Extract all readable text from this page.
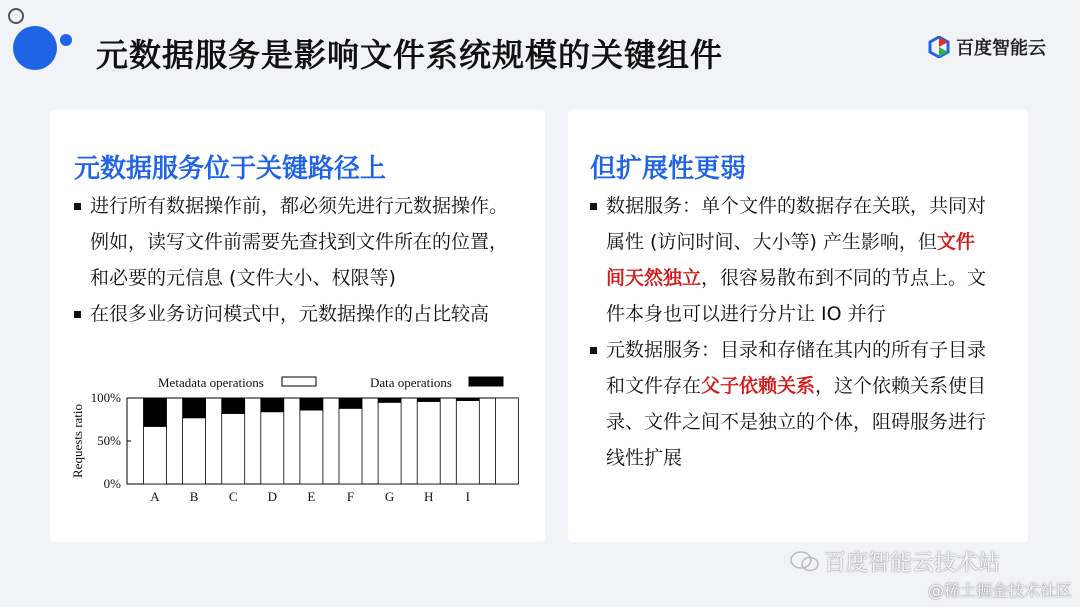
元数据服务是影响文件系统规模的关键组件	百度智能云
元数据服务位于关键路径上
进行所有数据操作前，都必须先进行元数据操作。
例如，读写文件前需要先查找到文件所在的位置，
和必要的元信息 (文件大小、权限等)
在很多业务访问模式中，元数据操作的占比较高
Metadata operations	Data operations
Requests ratio
0%
50%
100%
A B C D E F G H I
但扩展性更弱
数据服务：单个文件的数据存在关联，共同对
属性 (访问时间、大小等) 产生影响，但文件
间天然独立，很容易散布到不同的节点上。文
件本身也可以进行分片让 IO 并行
元数据服务：目录和存储在其内的所有子目录
和文件存在父子依赖关系，这个依赖关系使目
录、文件之间不是独立的个体，阻碍服务进行
线性扩展
百度智能云技术站
@稀土掘金技术社区
